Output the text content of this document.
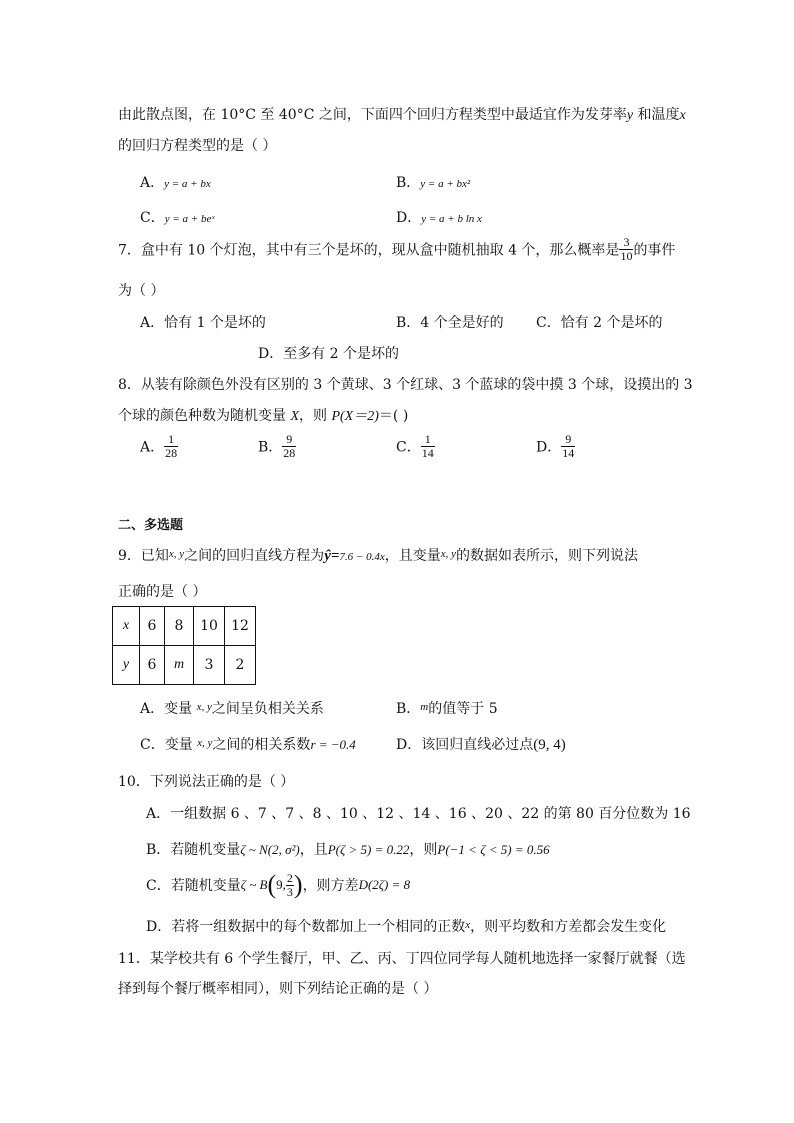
由此散点图，在 10°C 至 40°C 之间，下面四个回归方程类型中最适宜作为发芽率y 和温度x
的回归方程类型的是（ ）
A．y = a + bx	B．y = a + bx²
C．y = a + beˣ	D．y = a + b ln x
7．盒中有 10 个灯泡，其中有三个是坏的，现从盒中随机抽取 4 个，那么概率是 $\frac{3}{10}$ 的事件
为（ ）
A．恰有 1 个是坏的	B．4 个全是好的 C．恰有 2 个是坏的
D．至多有 2 个是坏的
8．从装有除颜色外没有区别的 3 个黄球、3 个红球、3 个蓝球的袋中摸 3 个球，设摸出的 3
个球的颜色种数为随机变量 X，则 P(X＝2)＝( )
A． $\frac{1}{28}$	B． $\frac{9}{28}$	C． $\frac{1}{14}$	D． $\frac{9}{14}$
二、多选题
9．已知$^{x, y}$之间的回归直线方程为ŷ=7.6 − 0.4x，且变量$^{x, y}$的数据如表所示，则下列说法
正确的是（ ）
x	6	8	10	12
y	6	m	3	2
A．变量 $^{x, y}$之间呈负相关关系	B．$^m$的值等于 5
C．变量 $^{x, y}$之间的相关系数r = −0.4	D．该回归直线必过点(9, 4)
10．下列说法正确的是（ ）
A．一组数据 6 、7 、7 、8 、10 、12 、14 、16 、20 、22 的第 80 百分位数为 16
B．若随机变量ζ ~ N(2, σ²)，且P(ζ > 5) = 0.22，则P(−1 < ζ < 5) = 0.56
C．若随机变量ζ ~ B(9, $\frac{2}{3}$ )，则方差D(2ζ) = 8
D．若将一组数据中的每个数都加上一个相同的正数$^x$，则平均数和方差都会发生变化
11．某学校共有 6 个学生餐厅，甲、乙、丙、丁四位同学每人随机地选择一家餐厅就餐（选
择到每个餐厅概率相同），则下列结论正确的是（ ）
